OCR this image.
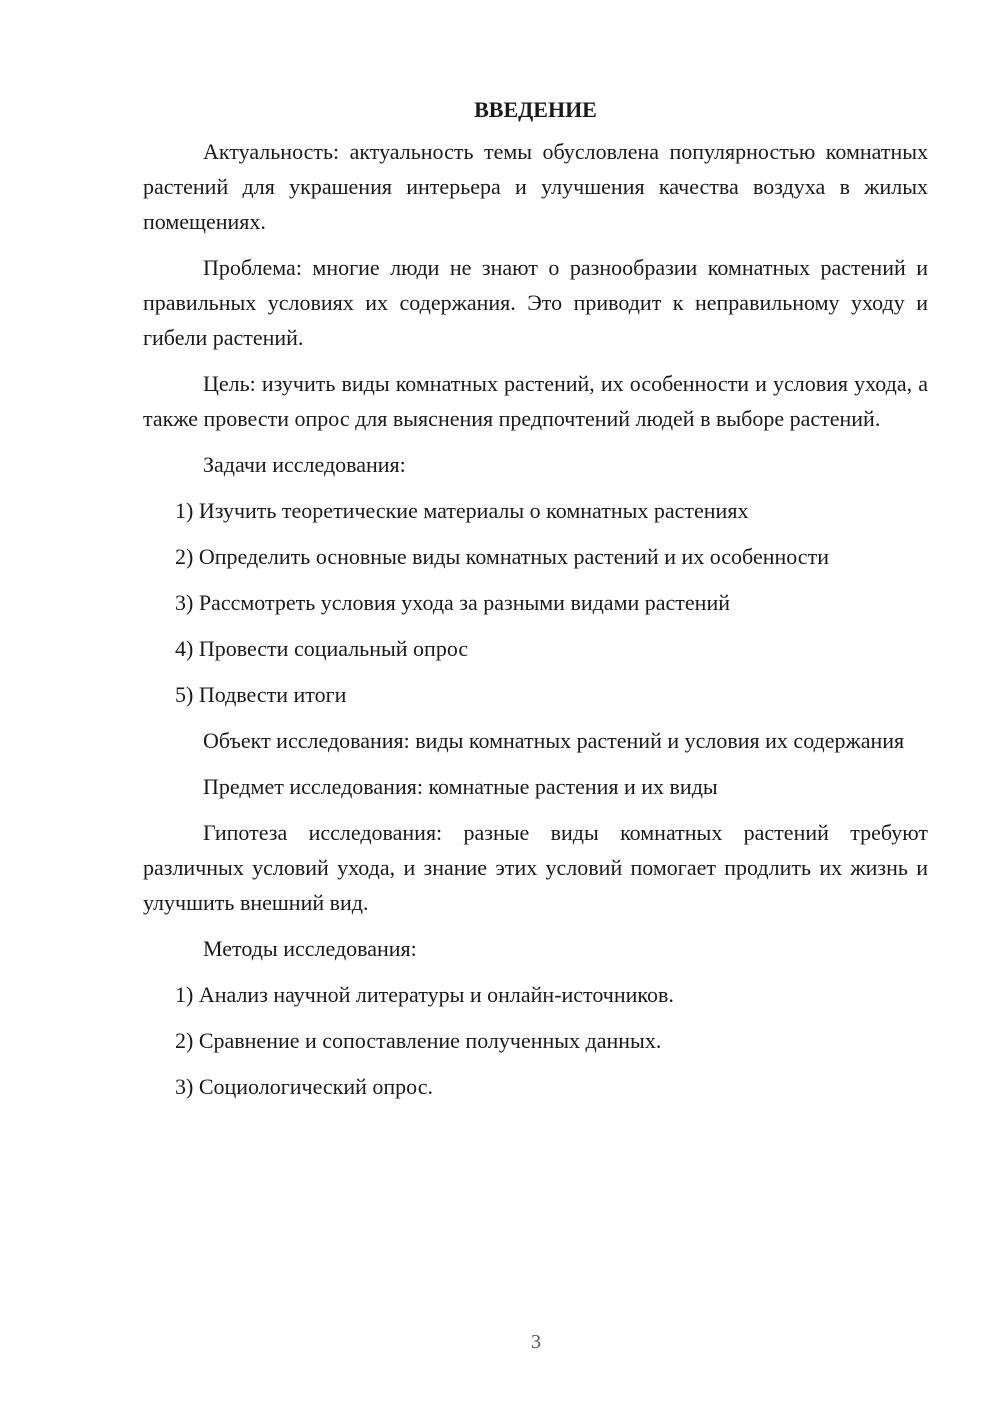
ВВЕДЕНИЕ

Актуальность: актуальность темы обусловлена популярностью комнатных растений для украшения интерьера и улучшения качества воздуха в жилых помещениях.

Проблема: многие люди не знают о разнообразии комнатных растений и правильных условиях их содержания. Это приводит к неправильному уходу и гибели растений.

Цель: изучить виды комнатных растений, их особенности и условия ухода, а также провести опрос для выяснения предпочтений людей в выборе растений.

Задачи исследования:

1) Изучить теоретические материалы о комнатных растениях
2) Определить основные виды комнатных растений и их особенности
3) Рассмотреть условия ухода за разными видами растений
4) Провести социальный опрос
5) Подвести итоги

Объект исследования: виды комнатных растений и условия их содержания

Предмет исследования: комнатные растения и их виды

Гипотеза исследования: разные виды комнатных растений требуют различных условий ухода, и знание этих условий помогает продлить их жизнь и улучшить внешний вид.

Методы исследования:

1) Анализ научной литературы и онлайн-источников.
2) Сравнение и сопоставление полученных данных.
3) Социологический опрос.
3
